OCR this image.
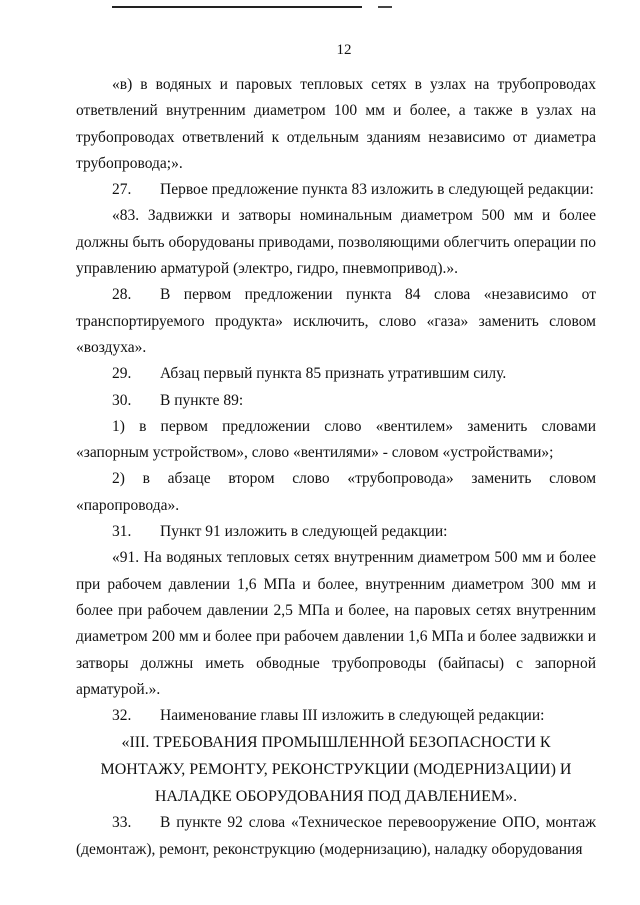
12

«в) в водяных и паровых тепловых сетях в узлах на трубопроводах ответвлений внутренним диаметром 100 мм и более, а также в узлах на трубопроводах ответвлений к отдельным зданиям независимо от диаметра трубопровода;».

27. Первое предложение пункта 83 изложить в следующей редакции:

«83. Задвижки и затворы номинальным диаметром 500 мм и более должны быть оборудованы приводами, позволяющими облегчить операции по управлению арматурой (электро, гидро, пневмопривод).».

28. В первом предложении пункта 84 слова «независимо от транспортируемого продукта» исключить, слово «газа» заменить словом «воздуха».

29. Абзац первый пункта 85 признать утратившим силу.

30. В пункте 89:

1) в первом предложении слово «вентилем» заменить словами «запорным устройством», слово «вентилями» - словом «устройствами»;

2) в абзаце втором слово «трубопровода» заменить словом «паропровода».

31. Пункт 91 изложить в следующей редакции:

«91. На водяных тепловых сетях внутренним диаметром 500 мм и более при рабочем давлении 1,6 МПа и более, внутренним диаметром 300 мм и более при рабочем давлении 2,5 МПа и более, на паровых сетях внутренним диаметром 200 мм и более при рабочем давлении 1,6 МПа и более задвижки и затворы должны иметь обводные трубопроводы (байпасы) с запорной арматурой.».

32. Наименование главы III изложить в следующей редакции:

«III. ТРЕБОВАНИЯ ПРОМЫШЛЕННОЙ БЕЗОПАСНОСТИ К
МОНТАЖУ, РЕМОНТУ, РЕКОНСТРУКЦИИ (МОДЕРНИЗАЦИИ) И
НАЛАДКЕ ОБОРУДОВАНИЯ ПОД ДАВЛЕНИЕМ».

33. В пункте 92 слова «Техническое перевооружение ОПО, монтаж (демонтаж), ремонт, реконструкцию (модернизацию), наладку оборудования
